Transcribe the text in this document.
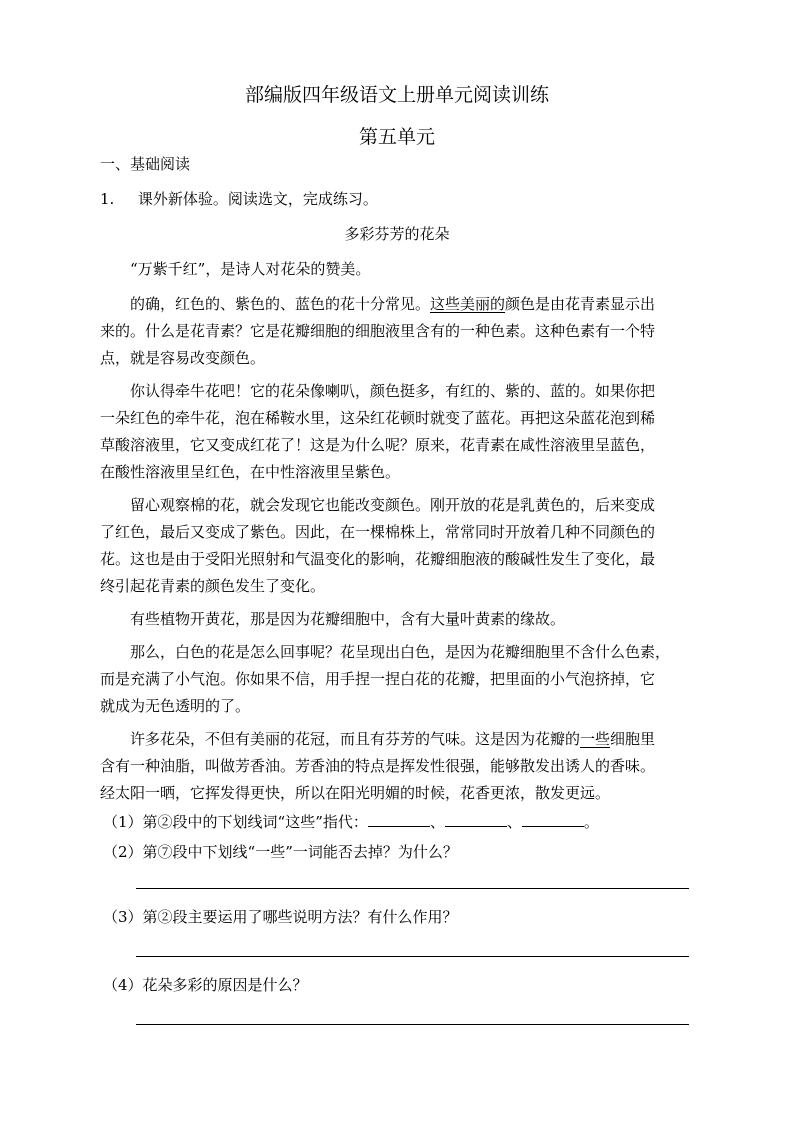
部编版四年级语文上册单元阅读训练
第五单元
一、基础阅读
1. 课外新体验。阅读选文，完成练习。
多彩芬芳的花朵
“万紫千红”，是诗人对花朵的赞美。
的确，红色的、紫色的、蓝色的花十分常见。这些美丽的颜色是由花青素显示出
来的。什么是花青素？它是花瓣细胞的细胞液里含有的一种色素。这种色素有一个特
点，就是容易改变颜色。
你认得牵牛花吧！它的花朵像喇叭，颜色挺多，有红的、紫的、蓝的。如果你把
一朵红色的牵牛花，泡在稀鞍水里，这朵红花顿时就变了蓝花。再把这朵蓝花泡到稀
草酸溶液里，它又变成红花了！这是为什么呢？原来，花青素在咸性溶液里呈蓝色，
在酸性溶液里呈红色，在中性溶液里呈紫色。
留心观察棉的花，就会发现它也能改变颜色。刚开放的花是乳黄色的，后来变成
了红色，最后又变成了紫色。因此，在一棵棉株上，常常同时开放着几种不同颜色的
花。这也是由于受阳光照射和气温变化的影响，花瓣细胞液的酸碱性发生了变化，最
终引起花青素的颜色发生了变化。
有些植物开黄花，那是因为花瓣细胞中，含有大量叶黄素的缘故。
那么，白色的花是怎么回事呢？花呈现出白色，是因为花瓣细胞里不含什么色素，
而是充满了小气泡。你如果不信，用手捏一捏白花的花瓣，把里面的小气泡挤掉，它
就成为无色透明的了。
许多花朵，不但有美丽的花冠，而且有芬芳的气味。这是因为花瓣的一些细胞里
含有一种油脂，叫做芳香油。芳香油的特点是挥发性很强，能够散发出诱人的香味。
经太阳一晒，它挥发得更快，所以在阳光明媚的时候，花香更浓，散发更远。
（1）第②段中的下划线词“这些”指代：	、	、	。
（2）第⑦段中下划线“一些”一词能否去掉？为什么？
（3）第②段主要运用了哪些说明方法？有什么作用？
（4）花朵多彩的原因是什么？
